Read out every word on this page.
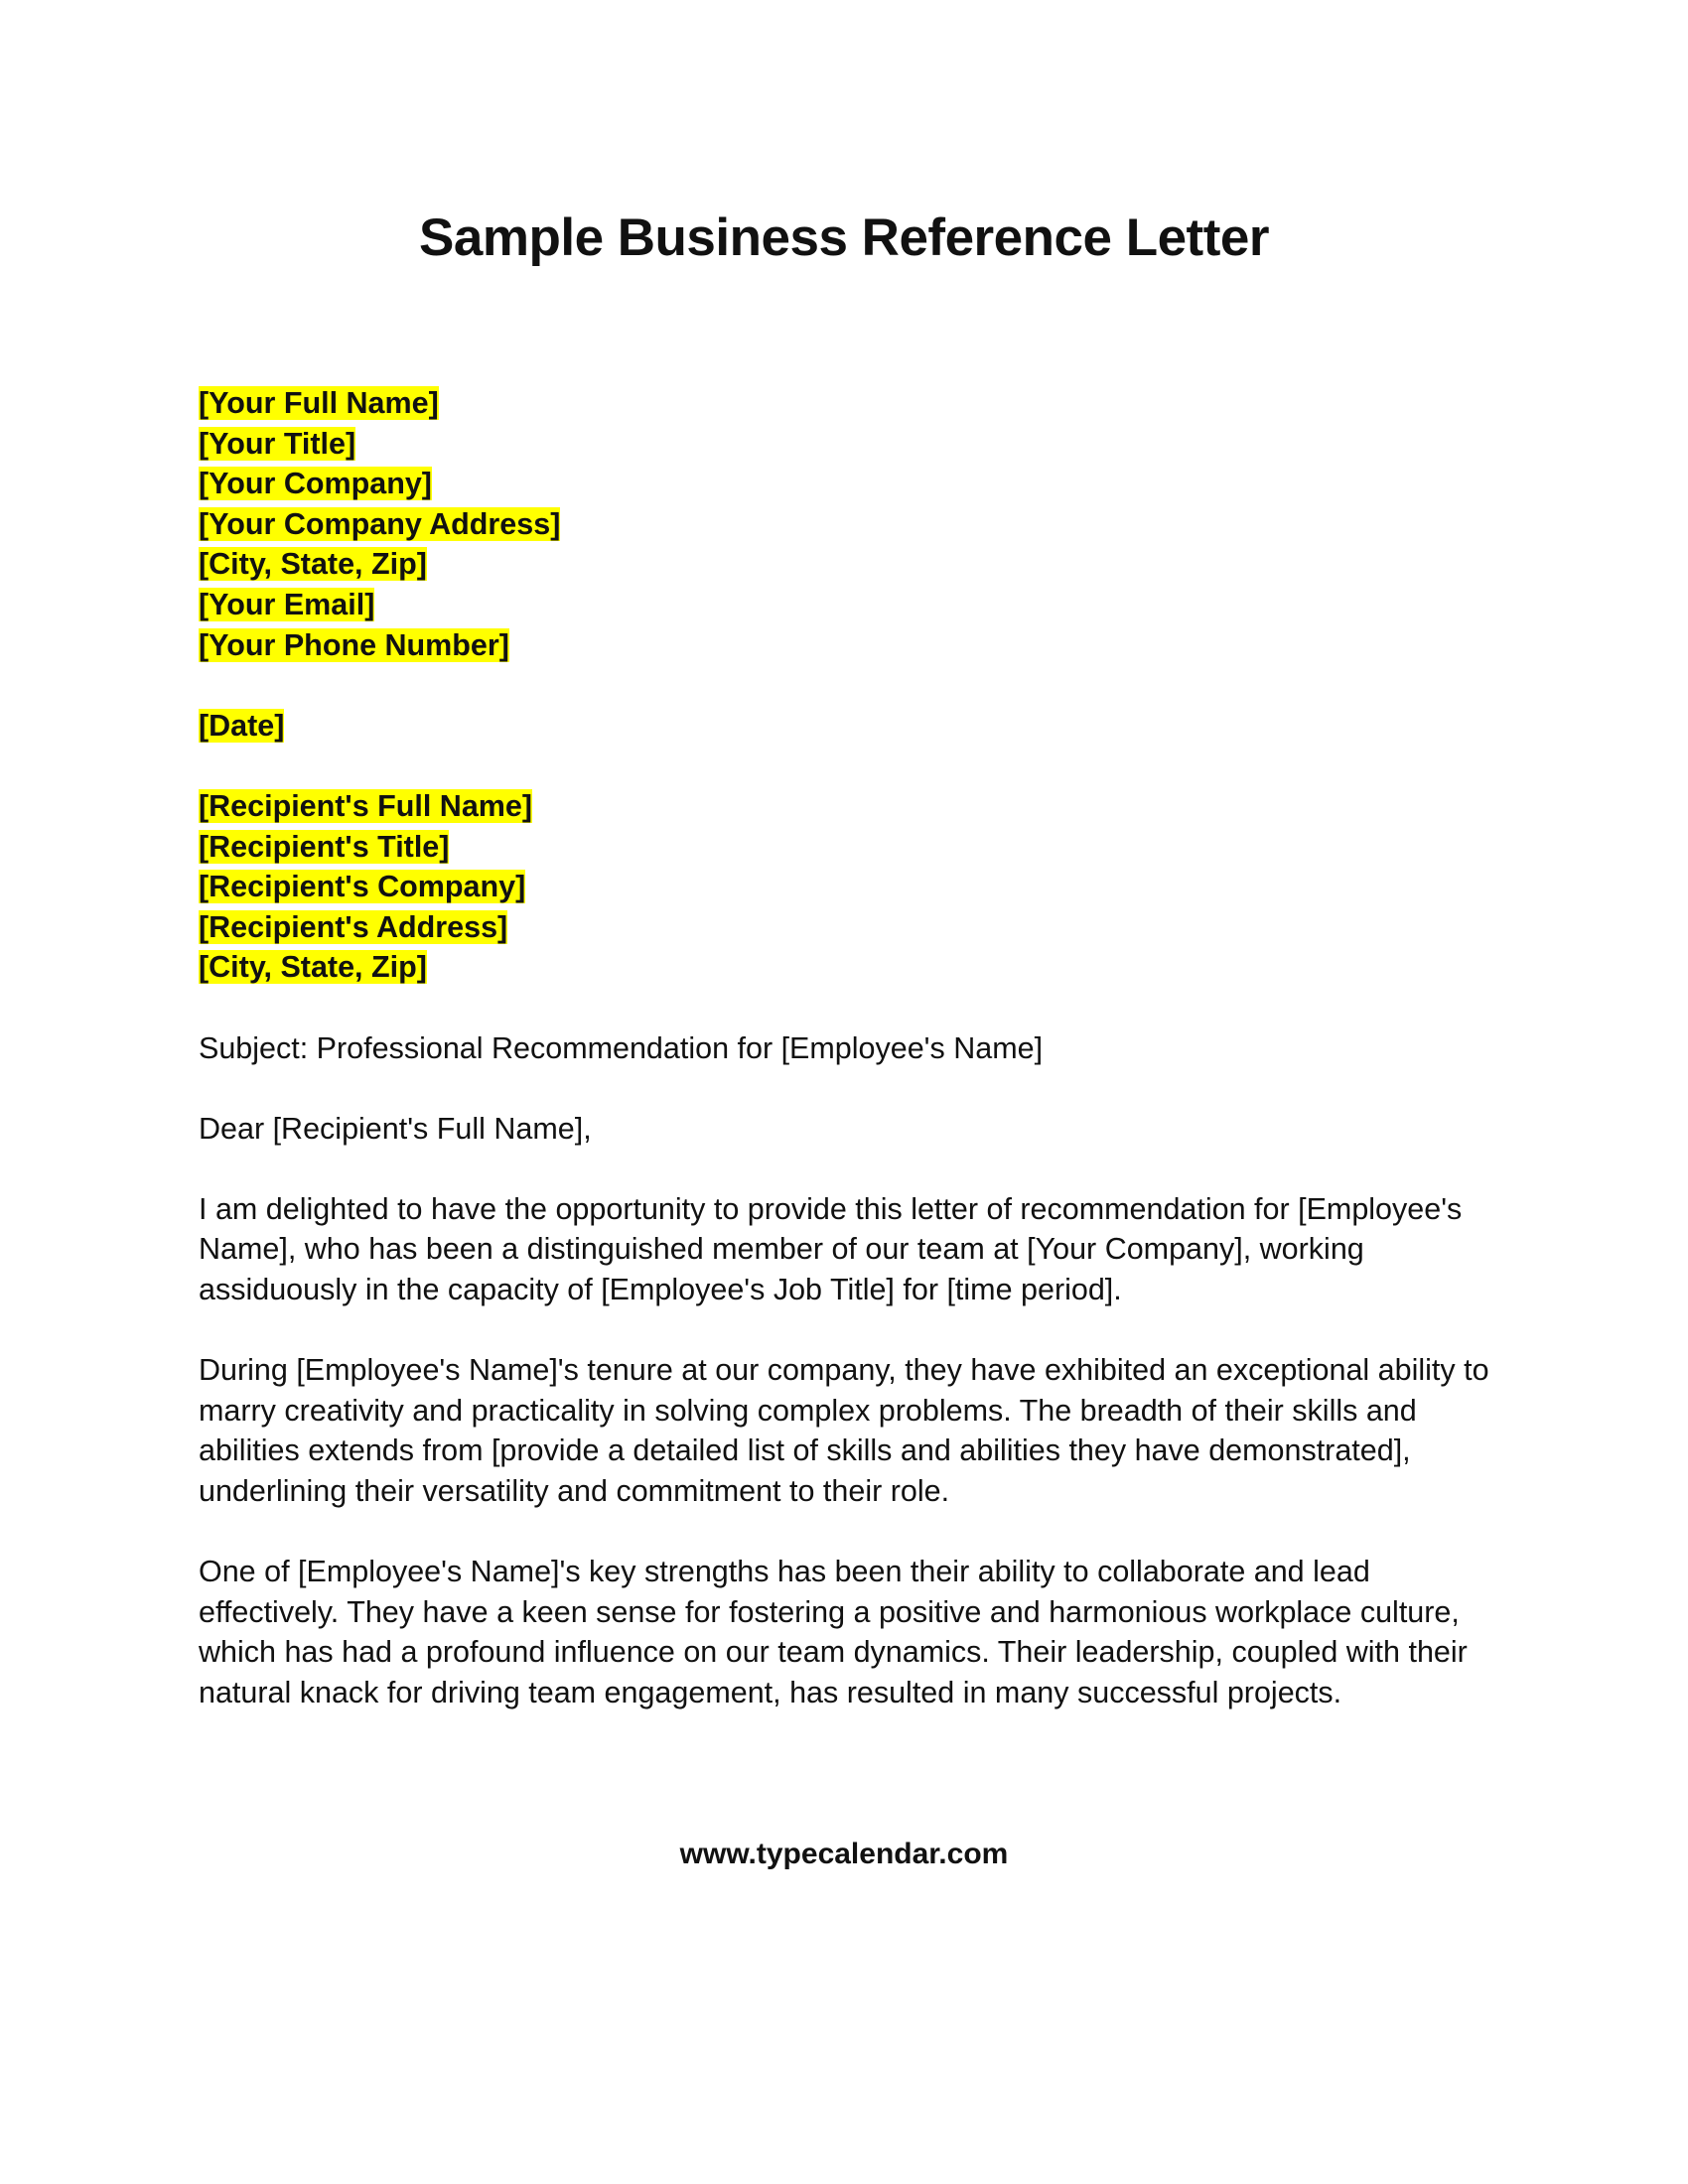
Sample Business Reference Letter
[Your Full Name]
[Your Title]
[Your Company]
[Your Company Address]
[City, State, Zip]
[Your Email]
[Your Phone Number]
[Date]
[Recipient's Full Name]
[Recipient's Title]
[Recipient's Company]
[Recipient's Address]
[City, State, Zip]

Subject: Professional Recommendation for [Employee's Name]

Dear [Recipient's Full Name],

I am delighted to have the opportunity to provide this letter of recommendation for [Employee's Name], who has been a distinguished member of our team at [Your Company], working assiduously in the capacity of [Employee's Job Title] for [time period].

During [Employee's Name]'s tenure at our company, they have exhibited an exceptional ability to marry creativity and practicality in solving complex problems. The breadth of their skills and abilities extends from [provide a detailed list of skills and abilities they have demonstrated], underlining their versatility and commitment to their role.

One of [Employee's Name]'s key strengths has been their ability to collaborate and lead effectively. They have a keen sense for fostering a positive and harmonious workplace culture, which has had a profound influence on our team dynamics. Their leadership, coupled with their natural knack for driving team engagement, has resulted in many successful projects.

www.typecalendar.com
